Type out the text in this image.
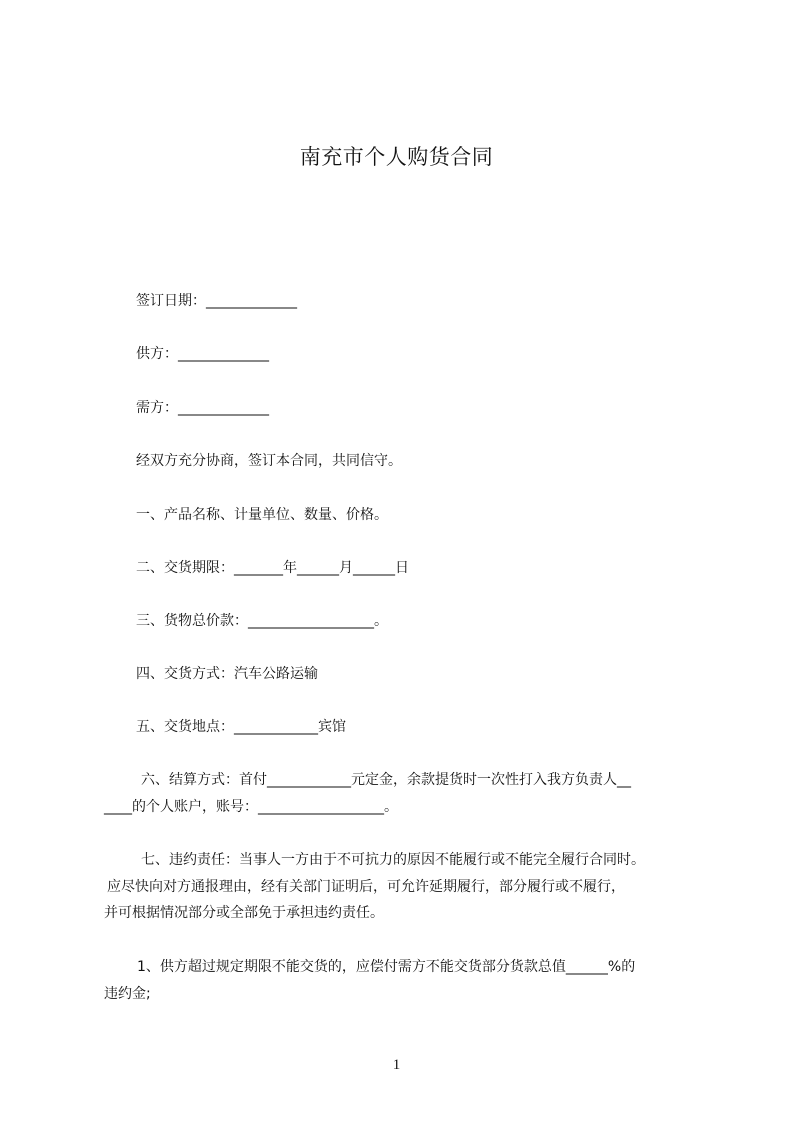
南充市个人购货合同
签订日期：_____________
供方：_____________
需方：_____________
经双方充分协商，签订本合同，共同信守。
一、产品名称、计量单位、数量、价格。
二、交货期限：_______年______月______日
三、货物总价款：__________________。
四、交货方式：汽车公路运输
五、交货地点：____________宾馆
六、结算方式：首付____________元定金，余款提货时一次性打入我方负责人__
____的个人账户，账号：__________________。
七、违约责任：当事人一方由于不可抗力的原因不能履行或不能完全履行合同时。
应尽快向对方通报理由，经有关部门证明后，可允许延期履行，部分履行或不履行，
并可根据情况部分或全部免于承担违约责任。
1、供方超过规定期限不能交货的，应偿付需方不能交货部分货款总值______%的
违约金;
1
